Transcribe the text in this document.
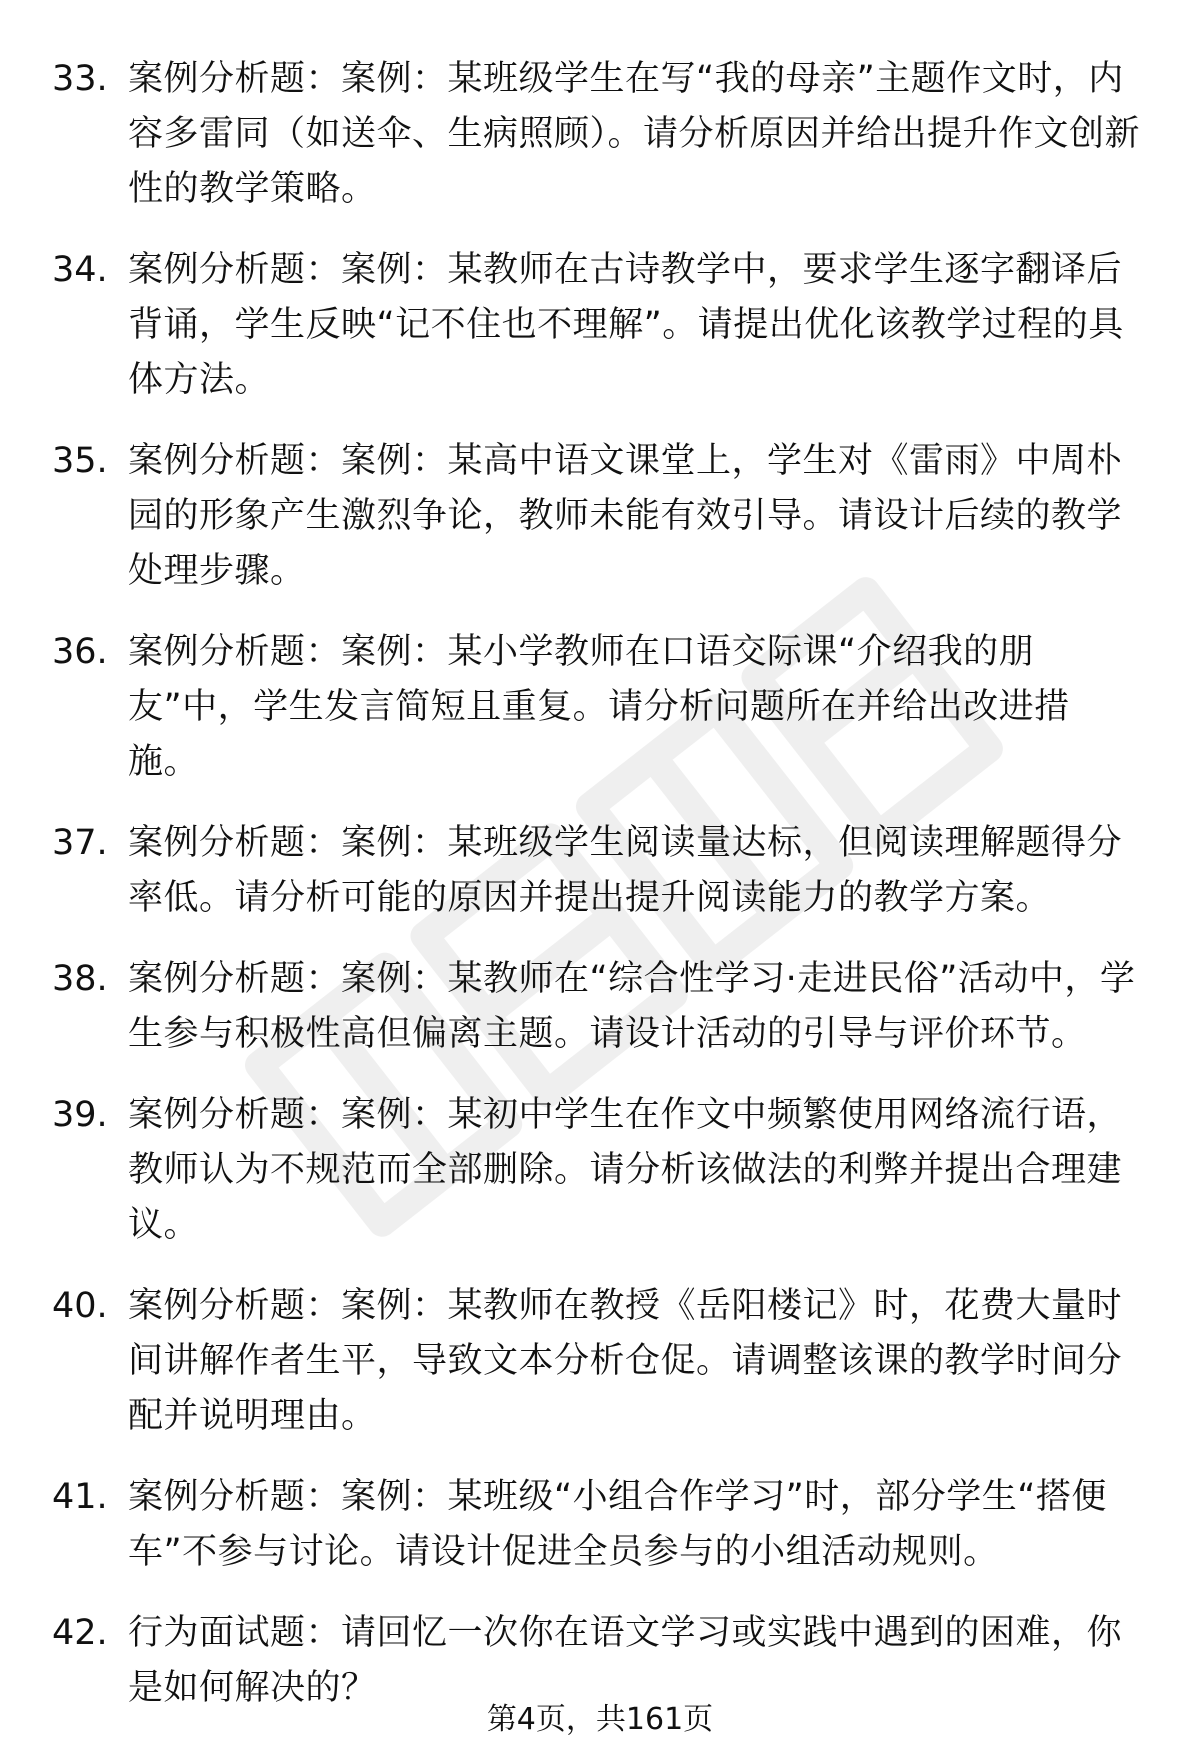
33. 案例分析题：案例：某班级学生在写“我的母亲”主题作文时，内容多雷同（如送伞、生病照顾）。请分析原因并给出提升作文创新性的教学策略。
34. 案例分析题：案例：某教师在古诗教学中，要求学生逐字翻译后背诵，学生反映“记不住也不理解”。请提出优化该教学过程的具体方法。
35. 案例分析题：案例：某高中语文课堂上，学生对《雷雨》中周朴园的形象产生激烈争论，教师未能有效引导。请设计后续的教学处理步骤。
36. 案例分析题：案例：某小学教师在口语交际课“介绍我的朋友”中，学生发言简短且重复。请分析问题所在并给出改进措施。
37. 案例分析题：案例：某班级学生阅读量达标，但阅读理解题得分率低。请分析可能的原因并提出提升阅读能力的教学方案。
38. 案例分析题：案例：某教师在“综合性学习·走进民俗”活动中，学生参与积极性高但偏离主题。请设计活动的引导与评价环节。
39. 案例分析题：案例：某初中学生在作文中频繁使用网络流行语，教师认为不规范而全部删除。请分析该做法的利弊并提出合理建议。
40. 案例分析题：案例：某教师在教授《岳阳楼记》时，花费大量时间讲解作者生平，导致文本分析仓促。请调整该课的教学时间分配并说明理由。
41. 案例分析题：案例：某班级“小组合作学习”时，部分学生“搭便车”不参与讨论。请设计促进全员参与的小组活动规则。
42. 行为面试题：请回忆一次你在语文学习或实践中遇到的困难，你是如何解决的？
第4页，共161页
